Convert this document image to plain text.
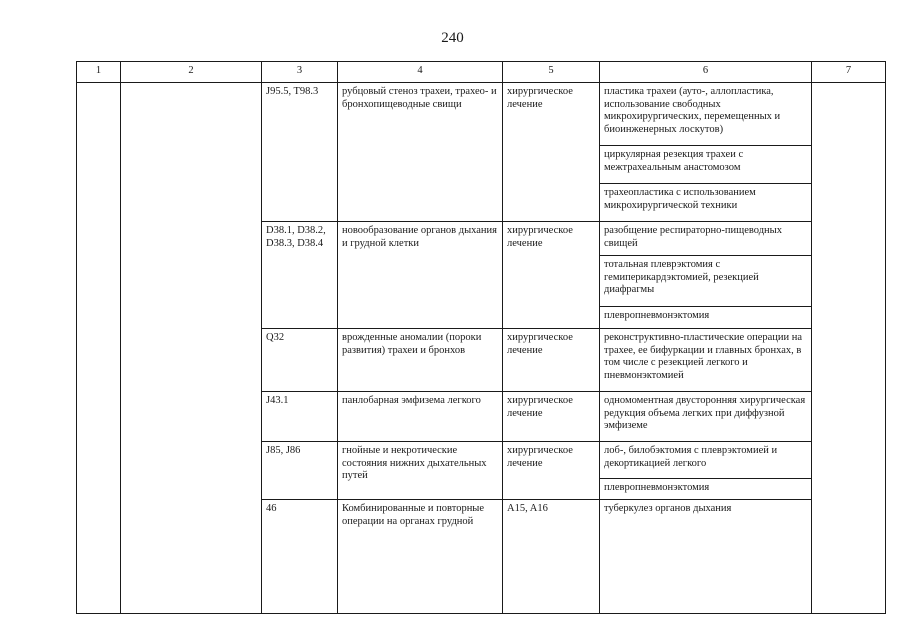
240
1	2	3	4	5	6	7	
		J95.5, T98.3	рубцовый стеноз трахеи, трахео- и бронхопищеводные свищи	хирургическое лечение	пластика трахеи (ауто-, аллопластика, использование свободных микрохирургических, перемещенных и биоинженерных лоскутов)		
					циркулярная резекция трахеи с межтрахеальным анастомозом		
					трахеопластика с использованием микрохирургической техники		
		D38.1, D38.2, D38.3, D38.4	новообразование органов дыхания и грудной клетки	хирургическое лечение	разобщение респираторно-пищеводных свищей		
					тотальная плеврэктомия с гемиперикардэктомией, резекцией диафрагмы		
					плевропневмонэктомия		
		Q32	врожденные аномалии (пороки развития) трахеи и бронхов	хирургическое лечение	реконструктивно-пластические операции на трахее, ее бифуркации и главных бронхах, в том числе с резекцией легкого и пневмонэктомией		
		J43.1	панлобарная эмфизема легкого	хирургическое лечение	одномоментная двусторонняя хирургическая редукция объема легких при диффузной эмфиземе		
		J85, J86	гнойные и некротические состояния нижних дыхательных путей	хирургическое лечение	лоб-, билобэктомия с плеврэктомией и декортикацией легкого		
					плевропневмонэктомия		
		46	Комбинированные и повторные операции на органах грудной	A15, A16	туберкулез органов дыхания			
